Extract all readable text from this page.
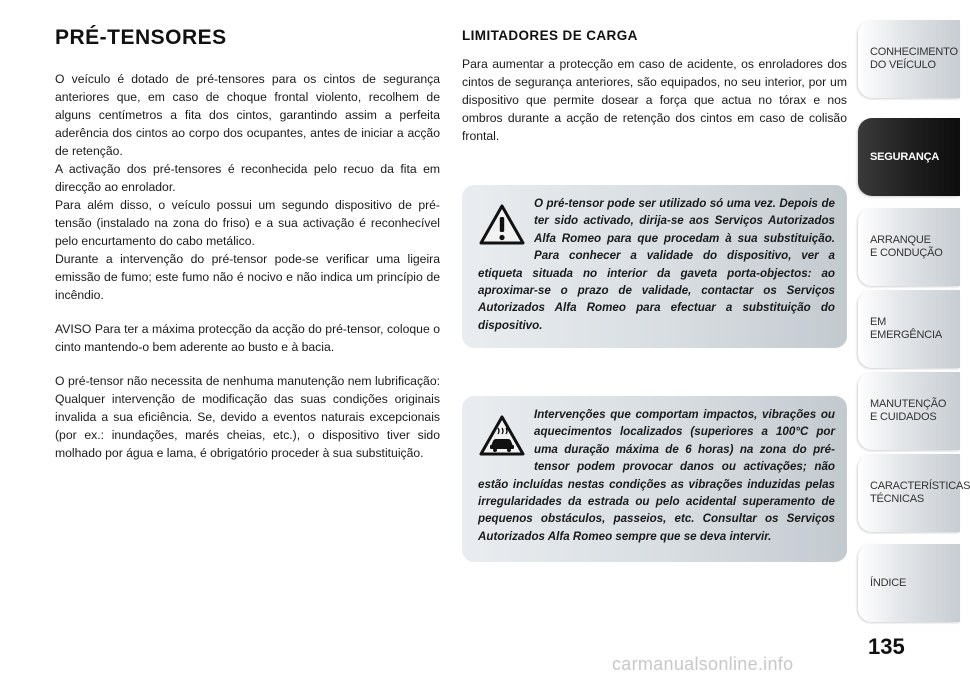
PRÉ-TENSORES

O veículo é dotado de pré-tensores para os cintos de segurança anteriores que, em caso de choque frontal violento, recolhem de alguns centímetros a fita dos cintos, garantindo assim a perfeita aderência dos cintos ao corpo dos ocupantes, antes de iniciar a acção de retenção.

A activação dos pré-tensores é reconhecida pelo recuo da fita em direcção ao enrolador.

Para além disso, o veículo possui um segundo dispositivo de pré-tensão (instalado na zona do friso) e a sua activação é reconhecível pelo encurtamento do cabo metálico.

Durante a intervenção do pré-tensor pode-se verificar uma ligeira emissão de fumo; este fumo não é nocivo e não indica um princípio de incêndio.

AVISO Para ter a máxima protecção da acção do pré-tensor, coloque o cinto mantendo-o bem aderente ao busto e à bacia.

O pré-tensor não necessita de nenhuma manutenção nem lubrificação: Qualquer intervenção de modificação das suas condições originais invalida a sua eficiência. Se, devido a eventos naturais excepcionais (por ex.: inundações, marés cheias, etc.), o dispositivo tiver sido molhado por água e lama, é obrigatório proceder à sua substituição.

LIMITADORES DE CARGA

Para aumentar a protecção em caso de acidente, os enroladores dos cintos de segurança anteriores, são equipados, no seu interior, por um dispositivo que permite dosear a força que actua no tórax e nos ombros durante a acção de retenção dos cintos em caso de colisão frontal.

O pré-tensor pode ser utilizado só uma vez. Depois de ter sido activado, dirija-se aos Serviços Autorizados Alfa Romeo para que procedam à sua substituição. Para conhecer a validade do dispositivo, ver a etiqueta situada no interior da gaveta porta-objectos: ao aproximar-se o prazo de validade, contactar os Serviços Autorizados Alfa Romeo para efectuar a substituição do dispositivo.

Intervenções que comportam impactos, vibrações ou aquecimentos localizados (superiores a 100°C por uma duração máxima de 6 horas) na zona do pré-tensor podem provocar danos ou activações; não estão incluídas nestas condições as vibrações induzidas pelas irregularidades da estrada ou pelo acidental superamento de pequenos obstáculos, passeios, etc. Consultar os Serviços Autorizados Alfa Romeo sempre que se deva intervir.

CONHECIMENTO
DO VEÍCULO
SEGURANÇA
ARRANQUE
E CONDUÇÃO
EM EMERGÊNCIA
MANUTENÇÃO
E CUIDADOS
CARACTERÍSTICAS
TÉCNICAS
ÍNDICE
135
carmanualsonline.info
